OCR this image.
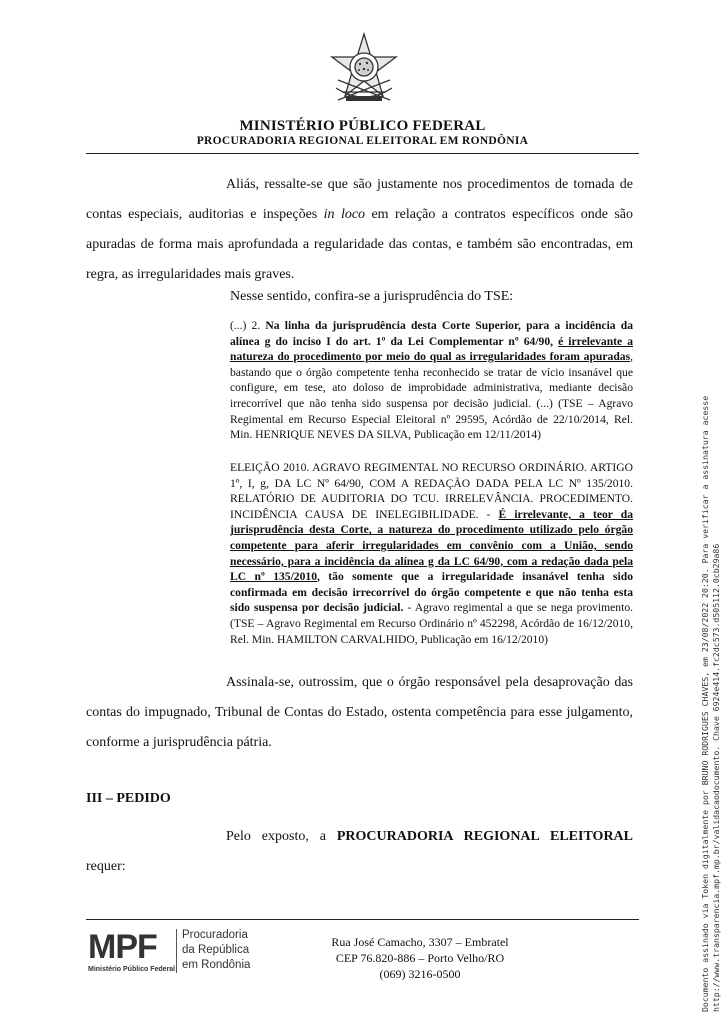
MINISTÉRIO PÚBLICO FEDERAL
PROCURADORIA REGIONAL ELEITORAL EM RONDÔNIA

Aliás, ressalte-se que são justamente nos procedimentos de tomada de contas especiais, auditorias e inspeções in loco em relação a contratos específicos onde são apuradas de forma mais aprofundada a regularidade das contas, e também são encontradas, em regra, as irregularidades mais graves.

Nesse sentido, confira-se a jurisprudência do TSE:

(...) 2. Na linha da jurisprudência desta Corte Superior, para a incidência da alínea g do inciso I do art. 1º da Lei Complementar nº 64/90, é irrelevante a natureza do procedimento por meio do qual as irregularidades foram apuradas, bastando que o órgão competente tenha reconhecido se tratar de vício insanável que configure, em tese, ato doloso de improbidade administrativa, mediante decisão irrecorrível que não tenha sido suspensa por decisão judicial. (...) (TSE – Agravo Regimental em Recurso Especial Eleitoral nº 29595, Acórdão de 22/10/2014, Rel. Min. HENRIQUE NEVES DA SILVA, Publicação em 12/11/2014)
ELEIÇÃO 2010. AGRAVO REGIMENTAL NO RECURSO ORDINÁRIO. ARTIGO 1º, I, g, DA LC Nº 64/90, COM A REDAÇÃO DADA PELA LC Nº 135/2010. RELATÓRIO DE AUDITORIA DO TCU. IRRELEVÂNCIA. PROCEDIMENTO. INCIDÊNCIA CAUSA DE INELEGIBILIDADE. - É irrelevante, a teor da jurisprudência desta Corte, a natureza do procedimento utilizado pelo órgão competente para aferir irregularidades em convênio com a União, sendo necessário, para a incidência da alínea g da LC 64/90, com a redação dada pela LC nº 135/2010, tão somente que a irregularidade insanável tenha sido confirmada em decisão irrecorrível do órgão competente e que não tenha esta sido suspensa por decisão judicial. - Agravo regimental a que se nega provimento. (TSE – Agravo Regimental em Recurso Ordinário nº 452298, Acórdão de 16/12/2010, Rel. Min. HAMILTON CARVALHIDO, Publicação em 16/12/2010)

Assinala-se, outrossim, que o órgão responsável pela desaprovação das contas do impugnado, Tribunal de Contas do Estado, ostenta competência para esse julgamento, conforme a jurisprudência pátria.

III – PEDIDO

Pelo exposto, a PROCURADORIA REGIONAL ELEITORAL requer:

MPF
Ministério Público Federal
Procuradoria
da República
em Rondônia
Rua José Camacho, 3307 – Embratel
CEP 76.820-886 – Porto Velho/RO
(069) 3216-0500	Documento assinado via Token digitalmente por BRUNO RODRIGUES CHAVES, em 23/08/2022 20:20. Para verificar a assinatura acesse http://www.transparencia.mpf.mp.br/validacaodocumento. Chave 6924e414.fc2dc573.d505112.0cb29a86
